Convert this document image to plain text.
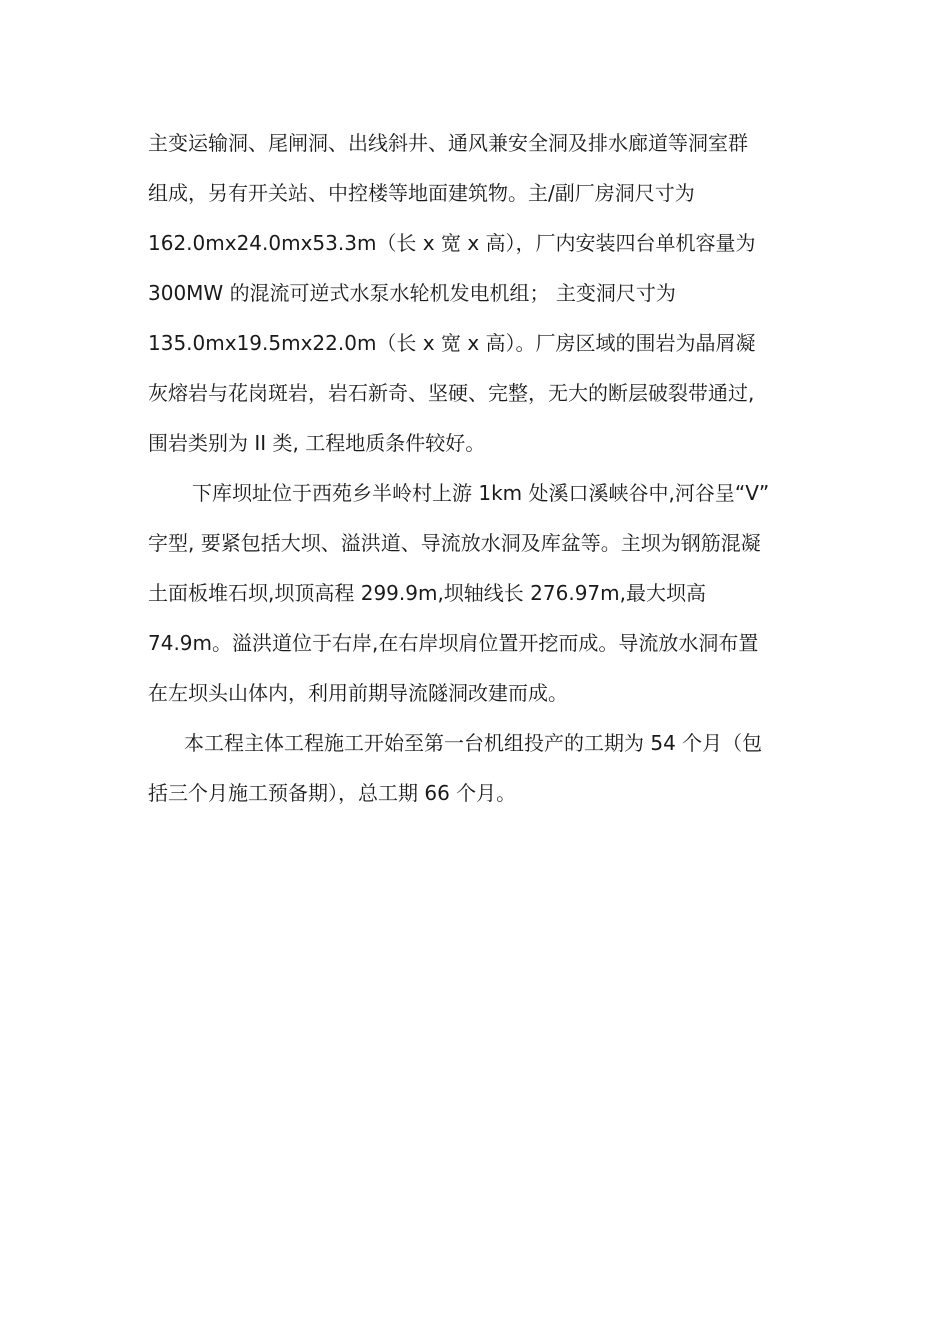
主变运输洞、尾闸洞、出线斜井、通风兼安全洞及排水廊道等洞室群
组成，另有开关站、中控楼等地面建筑物。主/副厂房洞尺寸为
162.0mx24.0mx53.3m（长 x 宽 x 高），厂内安装四台单机容量为
300MW 的混流可逆式水泵水轮机发电机组； 主变洞尺寸为
135.0mx19.5mx22.0m（长 x 宽 x 高）。厂房区域的围岩为晶屑凝
灰熔岩与花岗斑岩，岩石新奇、坚硬、完整，无大的断层破裂带通过,
围岩类别为 II 类, 工程地质条件较好。
下库坝址位于西苑乡半岭村上游 1km 处溪口溪峡谷中,河谷呈“V”
字型, 要紧包括大坝、溢洪道、导流放水洞及库盆等。主坝为钢筋混凝
土面板堆石坝,坝顶高程 299.9m,坝轴线长 276.97m,最大坝高
74.9m。溢洪道位于右岸,在右岸坝肩位置开挖而成。导流放水洞布置
在左坝头山体内，利用前期导流隧洞改建而成。
本工程主体工程施工开始至第一台机组投产的工期为 54 个月（包
括三个月施工预备期），总工期 66 个月。
